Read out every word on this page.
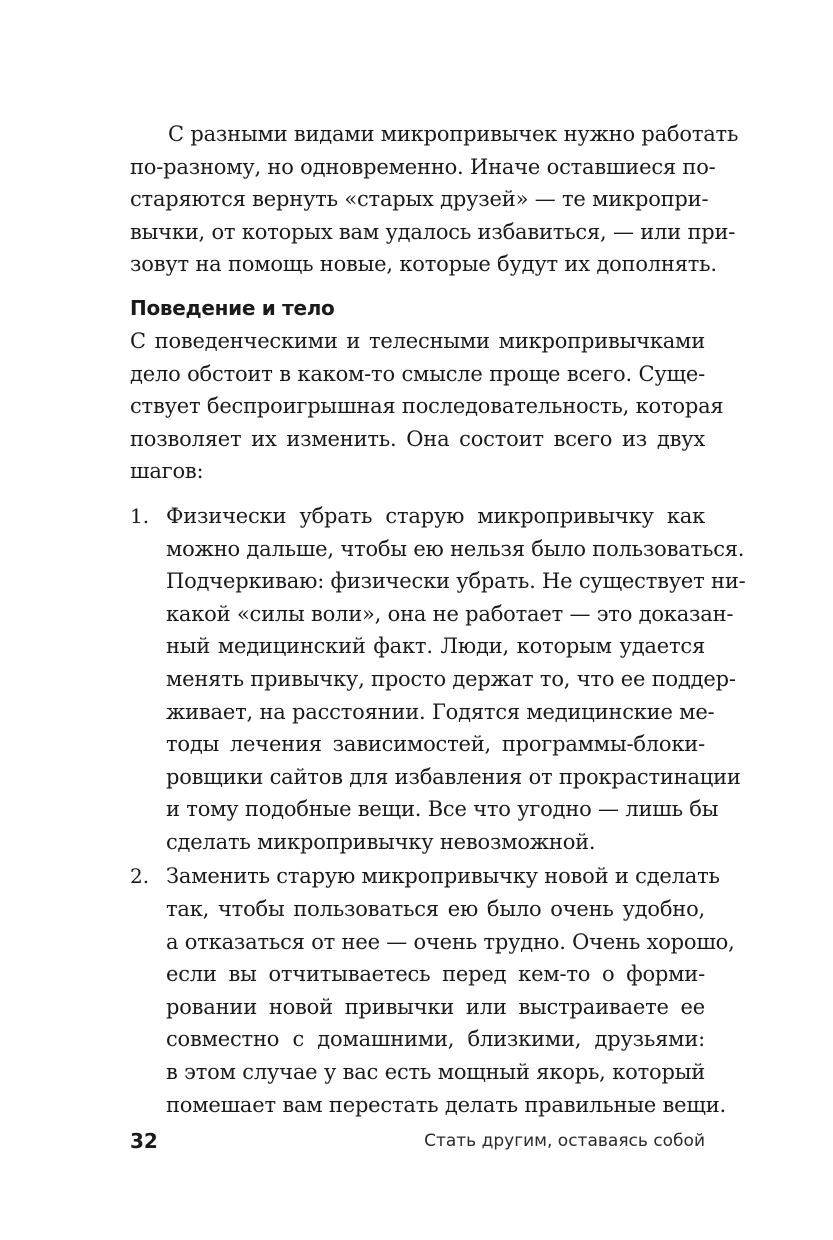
С разными видами микропривычек нужно работать
по-разному, но одновременно. Иначе оставшиеся по-
старяются вернуть «старых друзей» — те микропри-
вычки, от которых вам удалось избавиться, — или при-
зовут на помощь новые, которые будут их дополнять.
Поведение и тело
С поведенческими и телесными микропривычками
дело обстоит в каком-то смысле проще всего. Суще-
ствует беспроигрышная последовательность, которая
позволяет их изменить. Она состоит всего из двух
шагов:
1. Физически убрать старую микропривычку как
можно дальше, чтобы ею нельзя было пользоваться.
Подчеркиваю: физически убрать. Не существует ни-
какой «силы воли», она не работает — это доказан-
ный медицинский факт. Люди, которым удается
менять привычку, просто держат то, что ее поддер-
живает, на расстоянии. Годятся медицинские ме-
тоды лечения зависимостей, программы-блоки-
ровщики сайтов для избавления от прокрастинации
и тому подобные вещи. Все что угодно — лишь бы
сделать микропривычку невозможной.
2. Заменить старую микропривычку новой и сделать
так, чтобы пользоваться ею было очень удобно,
а отказаться от нее — очень трудно. Очень хорошо,
если вы отчитываетесь перед кем-то о форми-
ровании новой привычки или выстраиваете ее
совместно с домашними, близкими, друзьями:
в этом случае у вас есть мощный якорь, который
помешает вам перестать делать правильные вещи.
32	Стать другим, оставаясь собой
